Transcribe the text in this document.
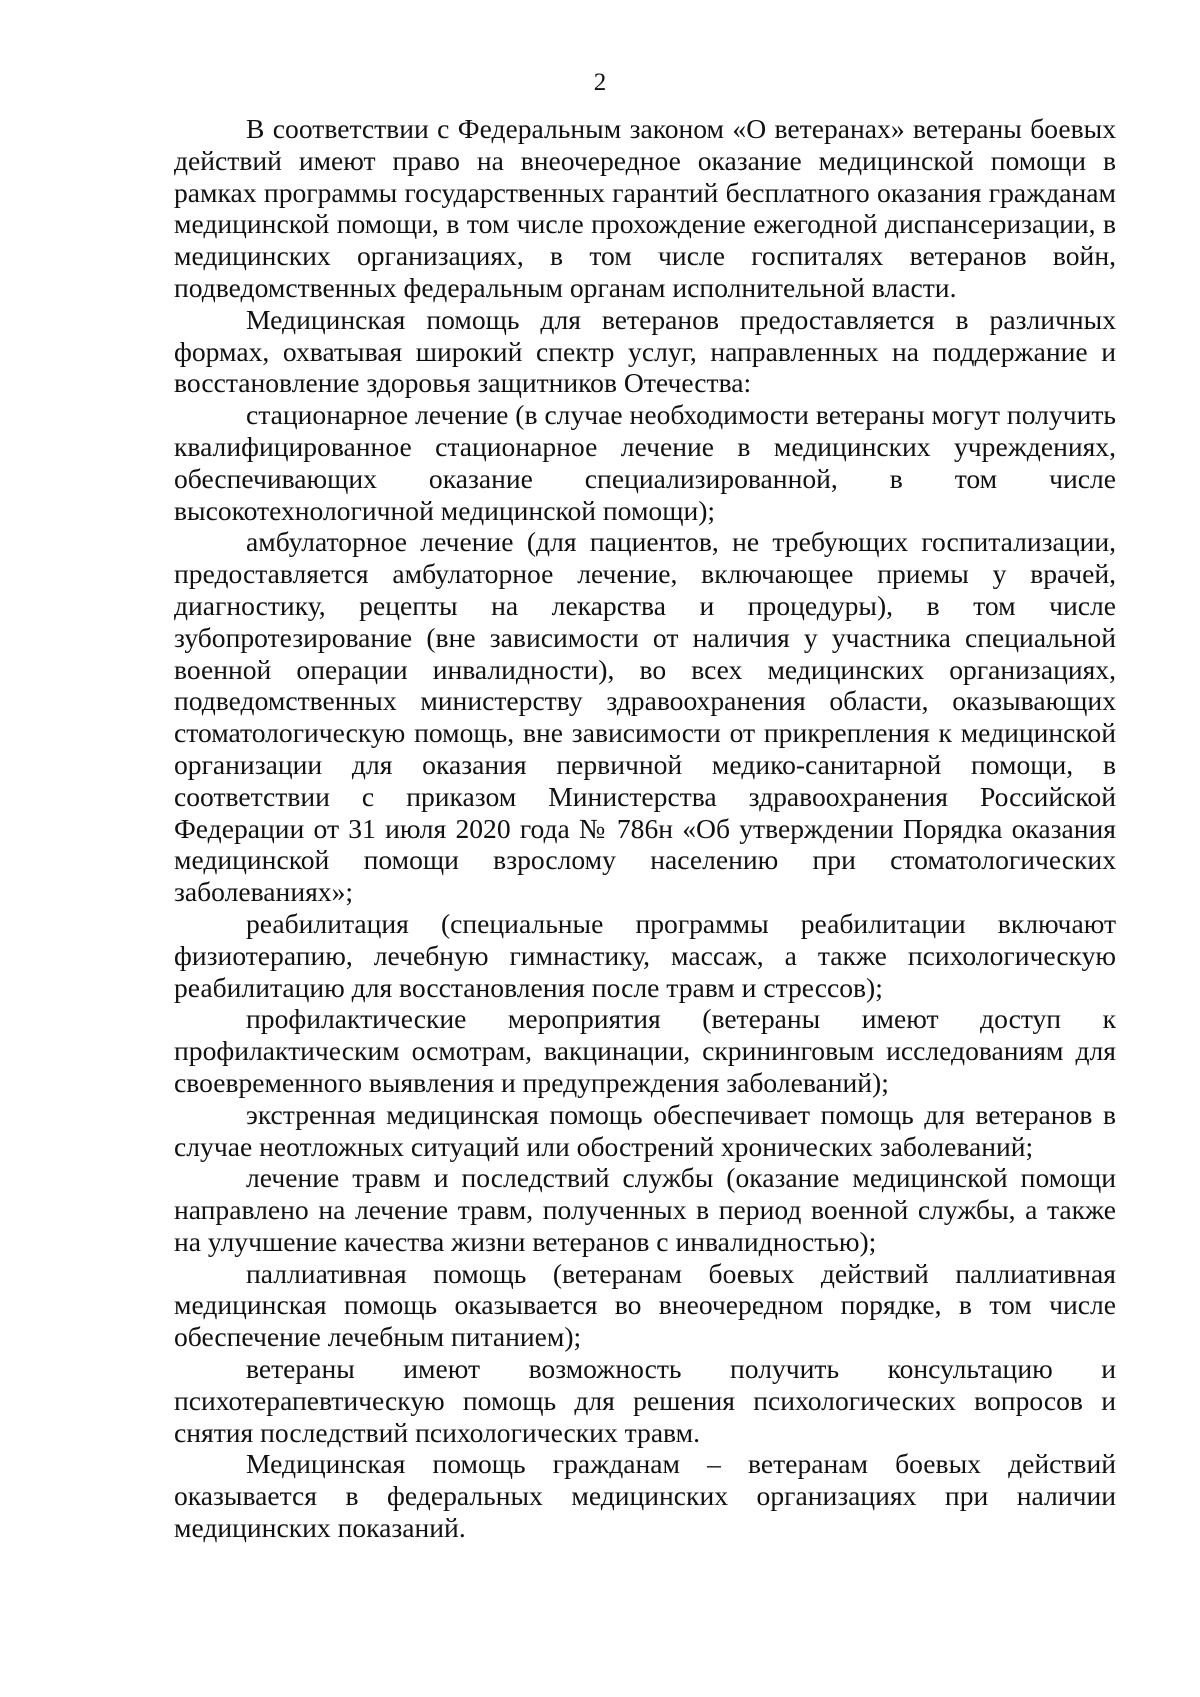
2

В соответствии с Федеральным законом «О ветеранах» ветераны боевых действий имеют право на внеочередное оказание медицинской помощи в рамках программы государственных гарантий бесплатного оказания гражданам медицинской помощи, в том числе прохождение ежегодной диспансеризации, в медицинских организациях, в том числе госпиталях ветеранов войн, подведомственных федеральным органам исполнительной власти.

Медицинская помощь для ветеранов предоставляется в различных формах, охватывая широкий спектр услуг, направленных на поддержание и восстановление здоровья защитников Отечества:

стационарное лечение (в случае необходимости ветераны могут получить квалифицированное стационарное лечение в медицинских учреждениях, обеспечивающих оказание специализированной, в том числе высокотехнологичной медицинской помощи);

амбулаторное лечение (для пациентов, не требующих госпитализации, предоставляется амбулаторное лечение, включающее приемы у врачей, диагностику, рецепты на лекарства и процедуры), в том числе зубопротезирование (вне зависимости от наличия у участника специальной военной операции инвалидности), во всех медицинских организациях, подведомственных министерству здравоохранения области, оказывающих стоматологическую помощь, вне зависимости от прикрепления к медицинской организации для оказания первичной медико-санитарной помощи, в соответствии с приказом Министерства здравоохранения Российской Федерации от 31 июля 2020 года № 786н «Об утверждении Порядка оказания медицинской помощи взрослому населению при стоматологических заболеваниях»;

реабилитация (специальные программы реабилитации включают физиотерапию, лечебную гимнастику, массаж, а также психологическую реабилитацию для восстановления после травм и стрессов);

профилактические мероприятия (ветераны имеют доступ к профилактическим осмотрам, вакцинации, скрининговым исследованиям для своевременного выявления и предупреждения заболеваний);

экстренная медицинская помощь обеспечивает помощь для ветеранов в случае неотложных ситуаций или обострений хронических заболеваний;

лечение травм и последствий службы (оказание медицинской помощи направлено на лечение травм, полученных в период военной службы, а также на улучшение качества жизни ветеранов с инвалидностью);

паллиативная помощь (ветеранам боевых действий паллиативная медицинская помощь оказывается во внеочередном порядке, в том числе обеспечение лечебным питанием);

ветераны имеют возможность получить консультацию и психотерапевтическую помощь для решения психологических вопросов и снятия последствий психологических травм.

Медицинская помощь гражданам – ветеранам боевых действий оказывается в федеральных медицинских организациях при наличии медицинских показаний.
